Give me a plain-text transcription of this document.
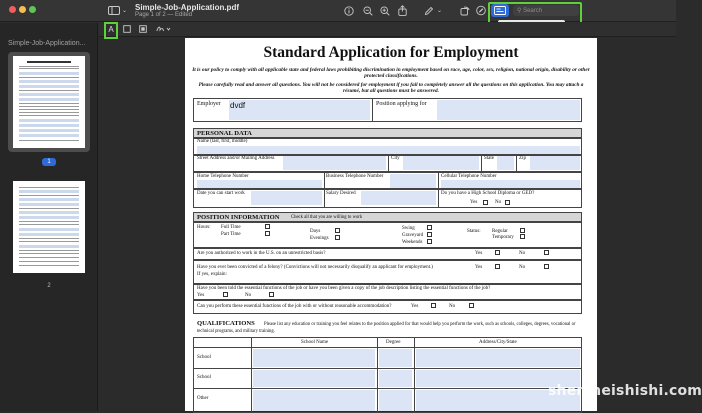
⌄ Simple-Job-Application.pdf
Page 1 of 2 — Edited
⌄	⚲ Search
A
Simple-Job-Application...
1
2
Standard Application for Employment
It is our policy to comply with all applicable state and federal laws prohibiting discrimination in employment based on race, age, color, sex, religion, national origin, disability or other protected classifications.
Please carefully read and answer all questions. You will not be considered for employment if you fail to completely answer all the questions on this application. You may attach a résumé, but all questions must be answered.
Employer dvdf	Position applying for
PERSONAL DATA
Name (last, first, middle)
Street Address and/or Mailing Address	City	State	Zip
Home Telephone Number	Business Telephone Number	Cellular Telephone Number
Date you can start work	Salary Desired	Do you have a High School Diploma or GED?
Yes	No
POSITION INFORMATION Check all that you are willing to work
Hours: Full Time
Part Time
Days
Evenings
Swing
Graveyard
Weekends
Status: Regular
Temporary
Are you authorized to work in the U.S. on an unrestricted basis?	Yes	No
Have you ever been convicted of a felony? (Convictions will not necessarily disqualify an applicant for employment.)
If yes, explain:
Yes	No
Have you been told the essential functions of the job or have you been given a copy of the job description listing the essential functions of the job?
Yes	No
Can you perform these essential functions of the job with or without reasonable accommodation?	Yes	No
QUALIFICATIONS	Please list any education or training you feel relates to the position applied for that would help you perform the work, such as schools, colleges, degrees, vocational or technical programs, and military training.
School Name	Degree	Address/City/State
School
School
Other	shenmeishishi.com
